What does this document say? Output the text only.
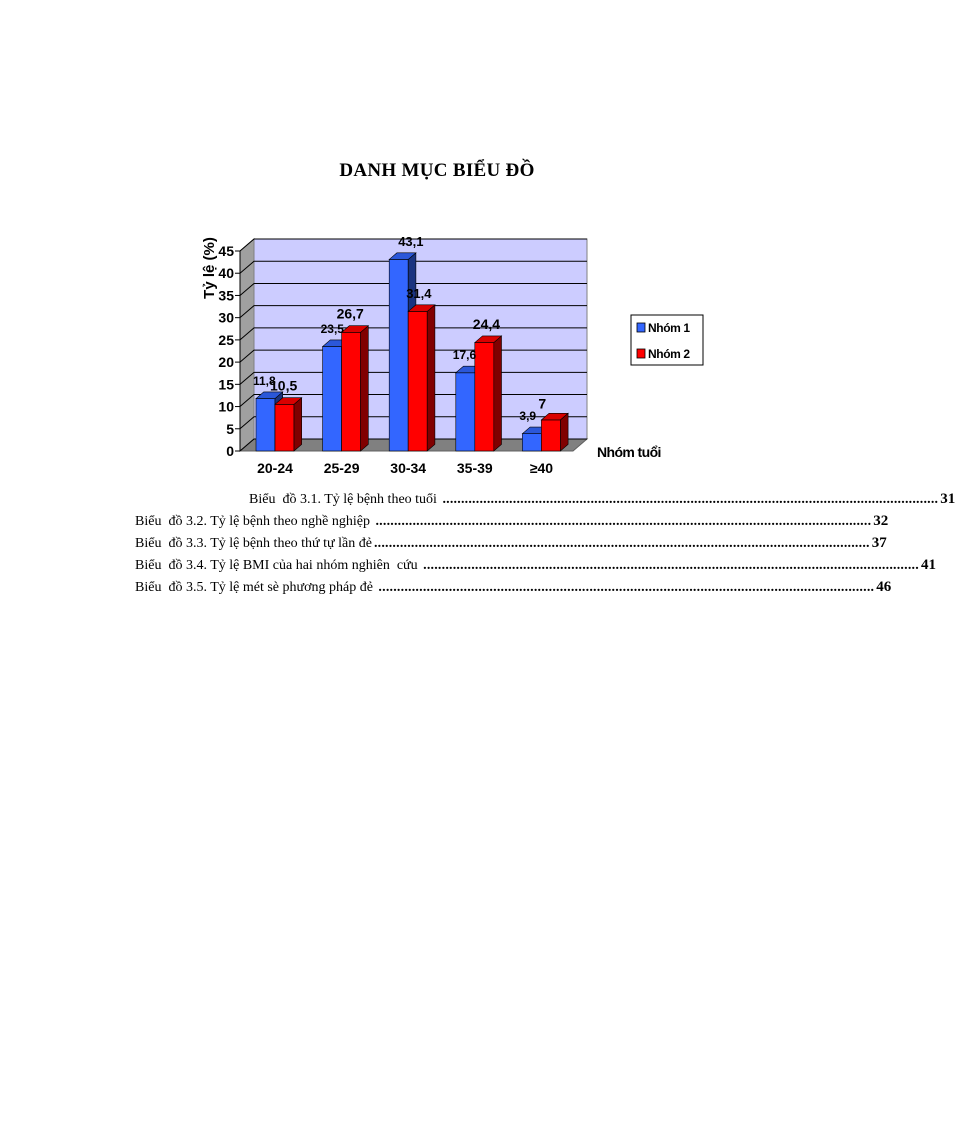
DANH MỤC BIỂU ĐỒ
0
5
10
15
20
25
30
35
40
45
20-24 25-29 30-34 35-39	≥40
11,8
10,5
23,5
26,7
43,1
31,4
17,6
24,4
3,9
7
Tỷ lệ (%)
Nhóm tuổi
Nhóm 1
Nhóm 2
Biểu  đồ 3.1. Tỷ lệ bệnh theo tuổi ...................................................................................................................................... 31
Biểu  đồ 3.2. Tỷ lệ bệnh theo nghề nghiệp ...................................................................................................................................... 32
Biểu  đồ 3.3. Tỷ lệ bệnh theo thứ tự lần đẻ ...................................................................................................................................... 37
Biểu  đồ 3.4. Tỷ lệ BMI của hai nhóm nghiên  cứu ...................................................................................................................................... 41
Biểu  đồ 3.5. Tỷ lệ mét sè phương pháp đẻ ...................................................................................................................................... 46
